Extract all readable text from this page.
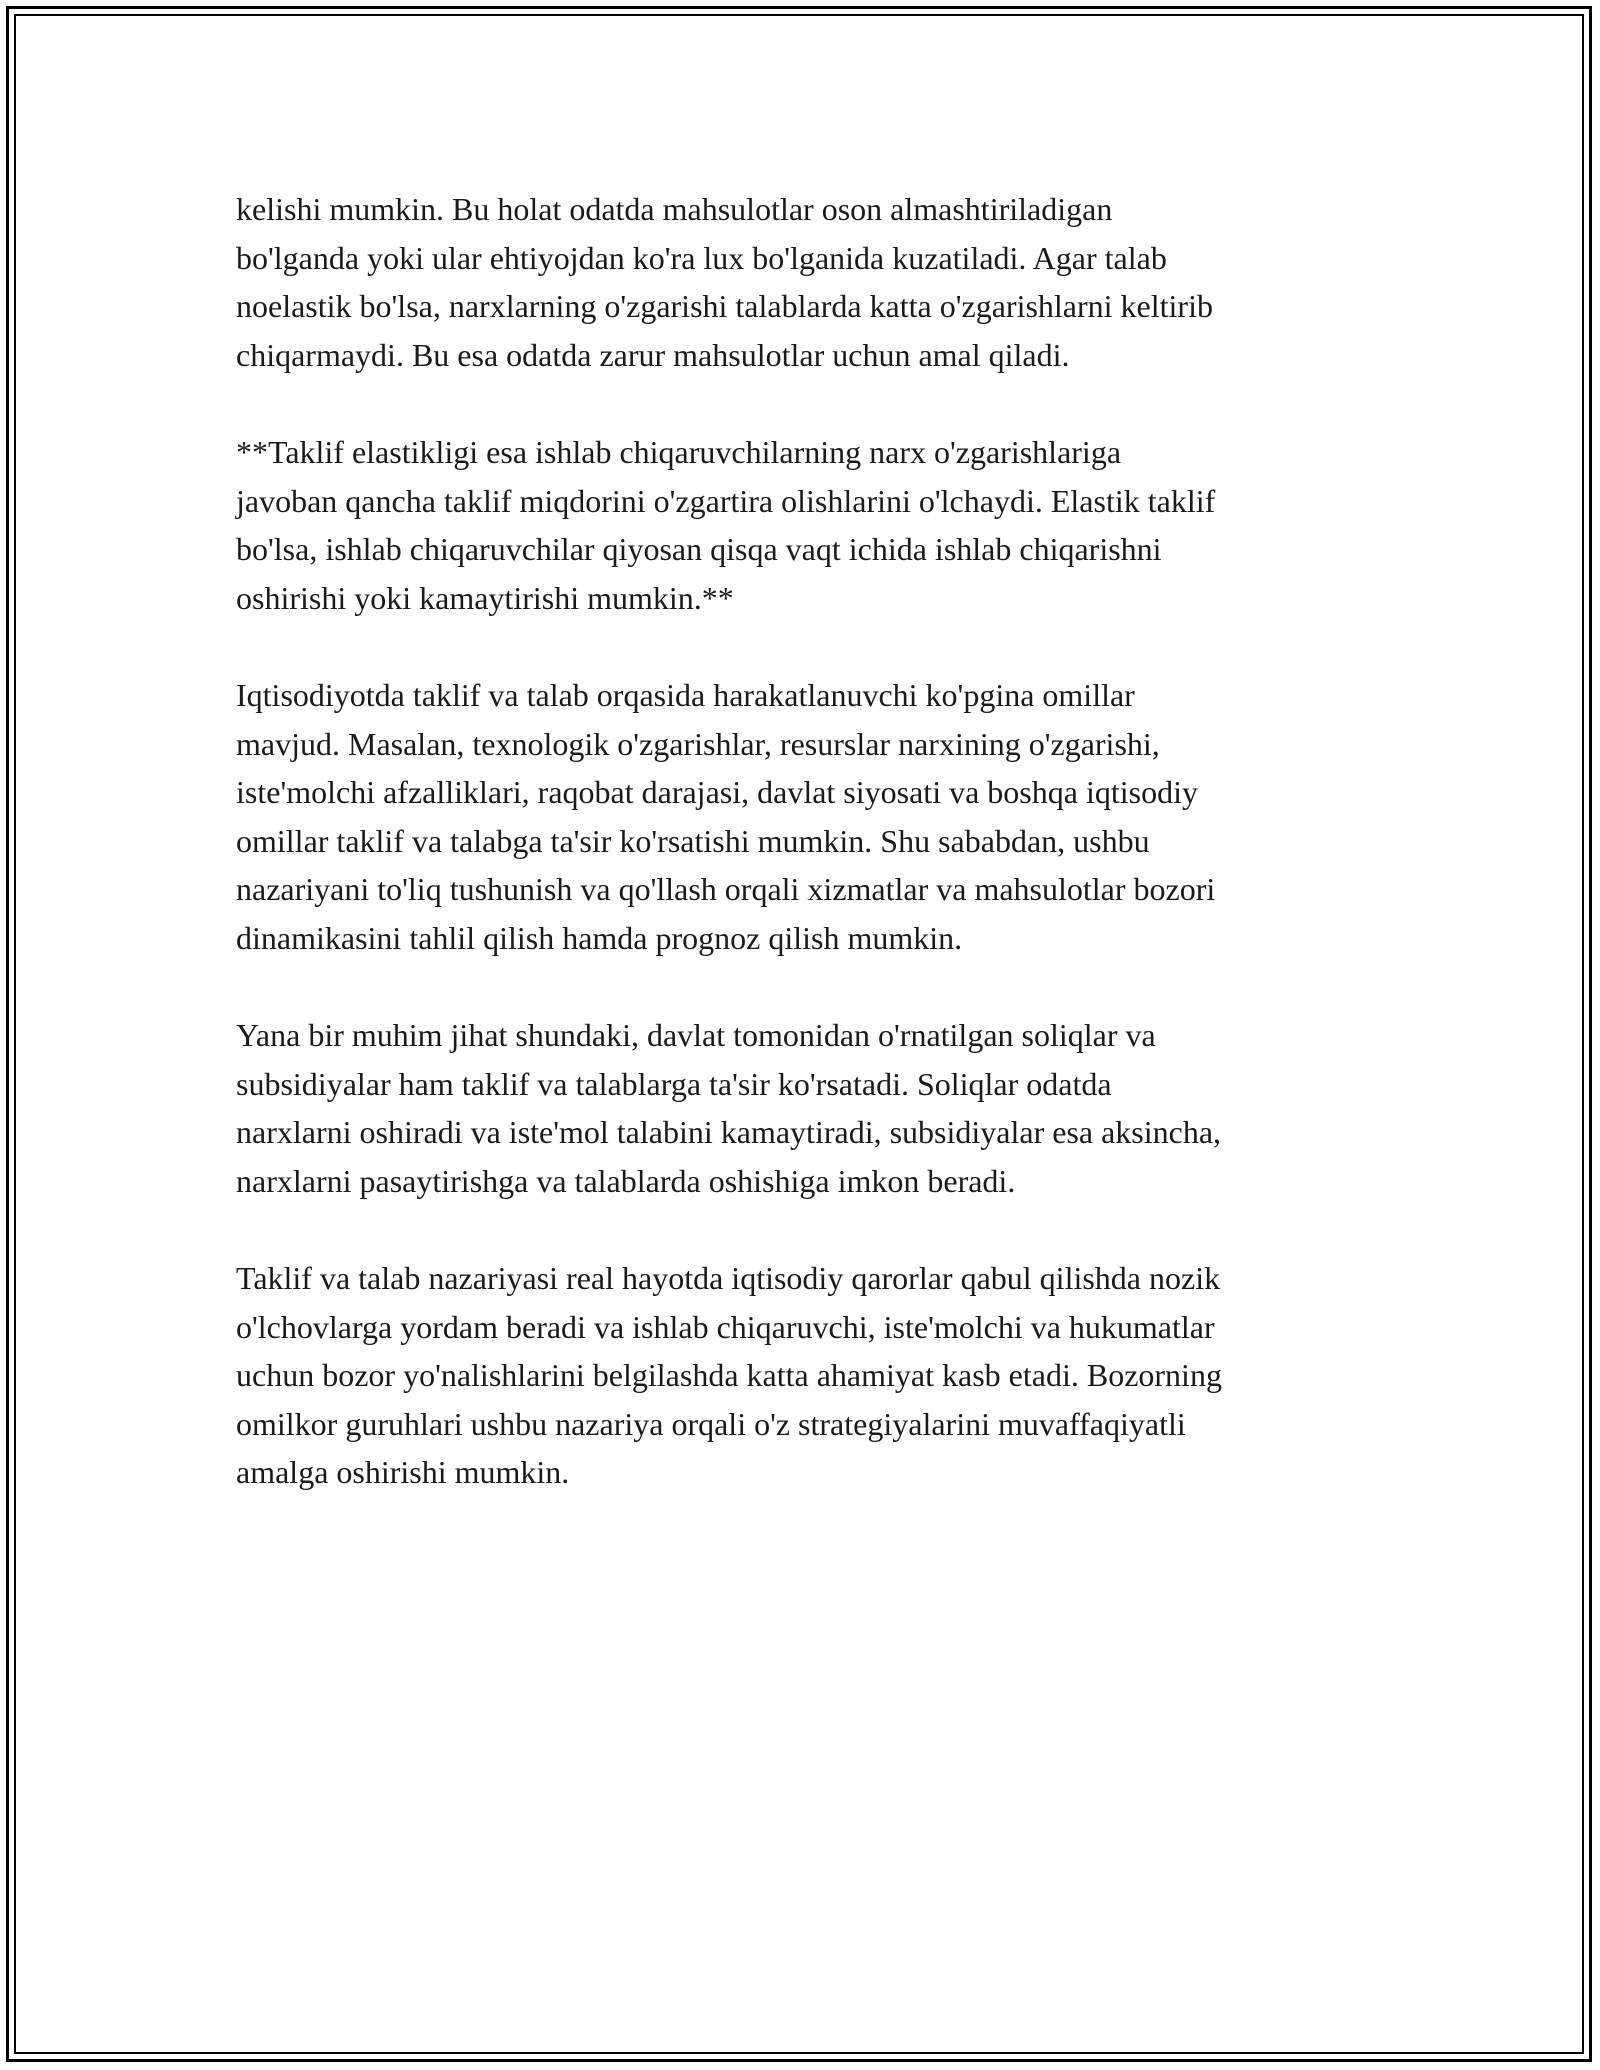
kelishi mumkin. Bu holat odatda mahsulotlar oson almashtiriladigan
bo'lganda yoki ular ehtiyojdan ko'ra lux bo'lganida kuzatiladi. Agar talab
noelastik bo'lsa, narxlarning o'zgarishi talablarda katta o'zgarishlarni keltirib
chiqarmaydi. Bu esa odatda zarur mahsulotlar uchun amal qiladi.

**Taklif elastikligi esa ishlab chiqaruvchilarning narx o'zgarishlariga
javoban qancha taklif miqdorini o'zgartira olishlarini o'lchaydi. Elastik taklif
bo'lsa, ishlab chiqaruvchilar qiyosan qisqa vaqt ichida ishlab chiqarishni
oshirishi yoki kamaytirishi mumkin.**

Iqtisodiyotda taklif va talab orqasida harakatlanuvchi ko'pgina omillar
mavjud. Masalan, texnologik o'zgarishlar, resurslar narxining o'zgarishi,
iste'molchi afzalliklari, raqobat darajasi, davlat siyosati va boshqa iqtisodiy
omillar taklif va talabga ta'sir ko'rsatishi mumkin. Shu sababdan, ushbu
nazariyani to'liq tushunish va qo'llash orqali xizmatlar va mahsulotlar bozori
dinamikasini tahlil qilish hamda prognoz qilish mumkin.

Yana bir muhim jihat shundaki, davlat tomonidan o'rnatilgan soliqlar va
subsidiyalar ham taklif va talablarga ta'sir ko'rsatadi. Soliqlar odatda
narxlarni oshiradi va iste'mol talabini kamaytiradi, subsidiyalar esa aksincha,
narxlarni pasaytirishga va talablarda oshishiga imkon beradi.

Taklif va talab nazariyasi real hayotda iqtisodiy qarorlar qabul qilishda nozik
o'lchovlarga yordam beradi va ishlab chiqaruvchi, iste'molchi va hukumatlar
uchun bozor yo'nalishlarini belgilashda katta ahamiyat kasb etadi. Bozorning
omilkor guruhlari ushbu nazariya orqali o'z strategiyalarini muvaffaqiyatli
amalga oshirishi mumkin.
